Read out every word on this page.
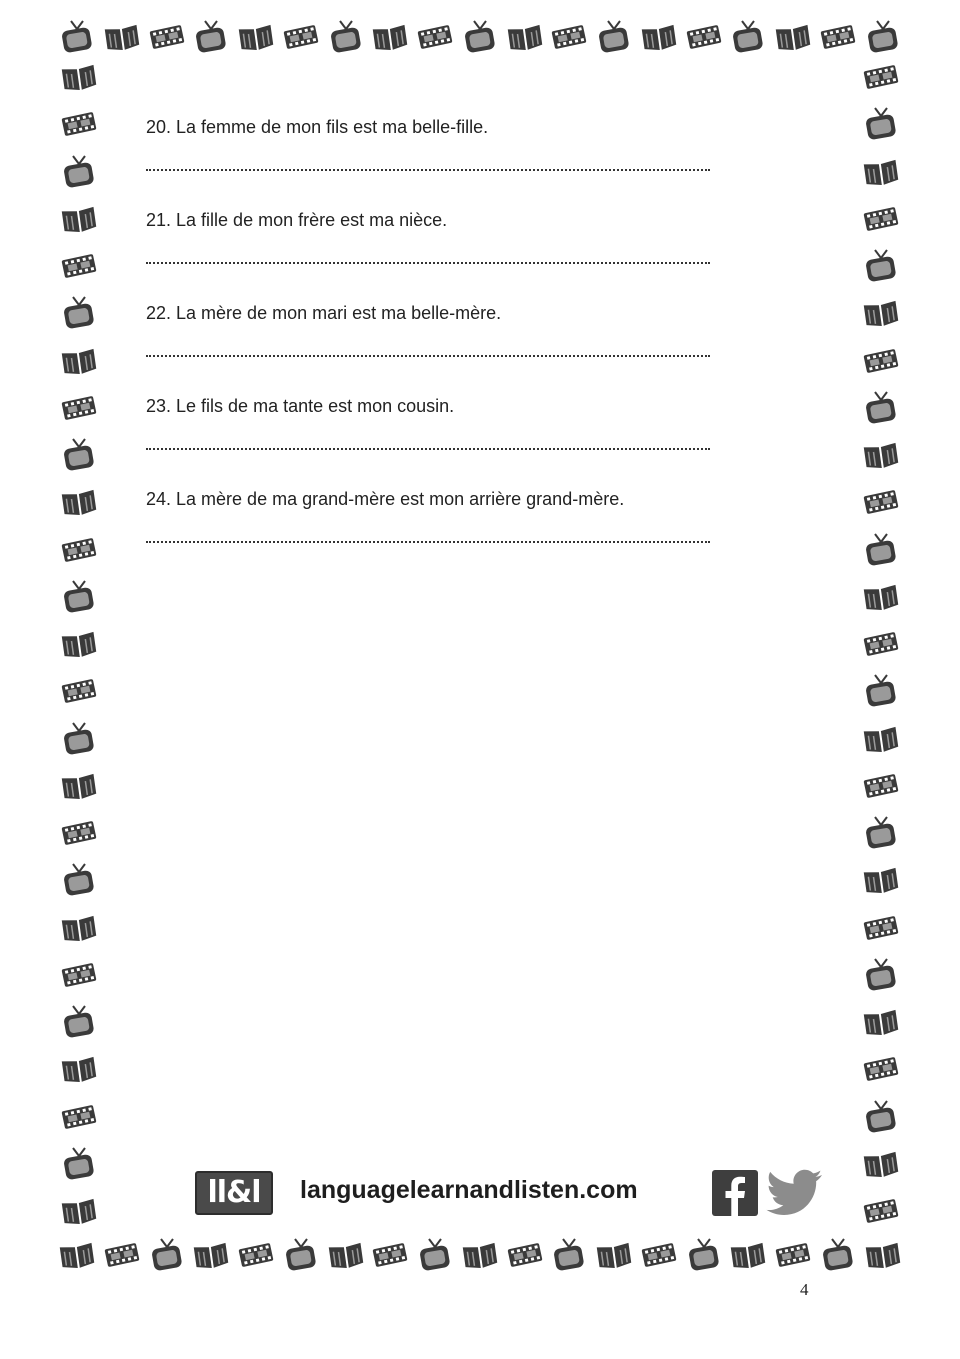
20. La femme de mon fils est ma belle-fille.

21. La fille de mon frère est ma nièce.

22. La mère de mon mari est ma belle-mère.

23. Le fils de ma tante est mon cousin.

24. La mère de ma grand-mère est mon arrière grand-mère.

ll&l	languagelearnandlisten.com
4
